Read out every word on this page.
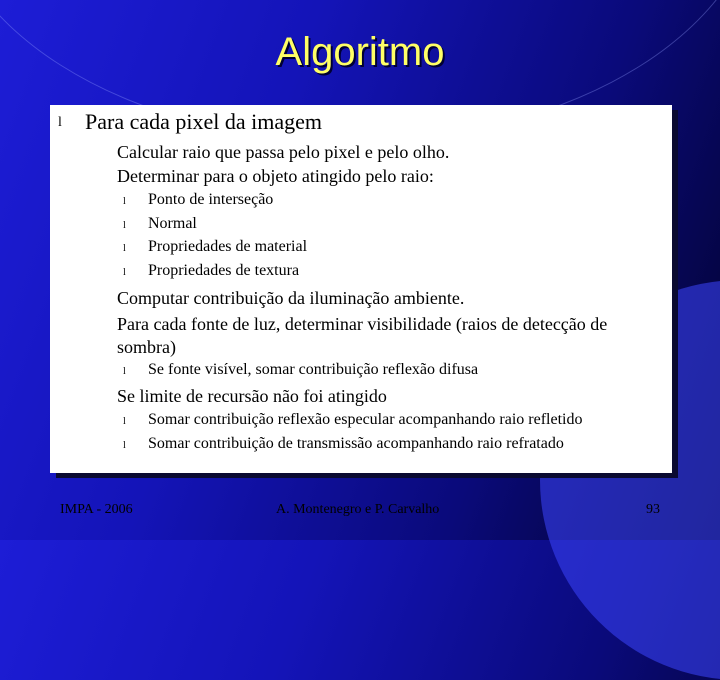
Algoritmo
l Para cada pixel da imagem
Calcular raio que passa pelo pixel e pelo olho.
Determinar para o objeto atingido pelo raio:
l Ponto de interseção
l Normal
l Propriedades de material
l Propriedades de textura
Computar contribuição da iluminação ambiente.
Para cada fonte de luz, determinar visibilidade (raios de detecção de
sombra)
l Se fonte visível, somar contribuição reflexão difusa
Se limite de recursão não foi atingido
l Somar contribuição reflexão especular acompanhando raio refletido
l Somar contribuição de transmissão acompanhando raio refratado
IMPA - 2006	A. Montenegro e P. Carvalho	93
